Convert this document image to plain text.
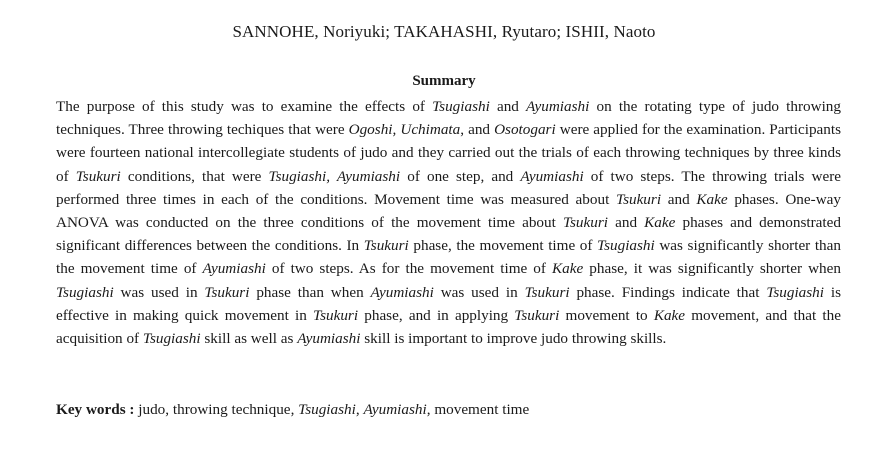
SANNOHE, Noriyuki; TAKAHASHI, Ryutaro; ISHII, Naoto
Summary
The purpose of this study was to examine the effects of Tsugiashi and Ayumiashi on the rotating type of judo throwing techniques. Three throwing techiques that were Ogoshi, Uchimata, and Osotogari were applied for the examination. Participants were fourteen national intercollegiate students of judo and they carried out the trials of each throwing techniques by three kinds of Tsukuri conditions, that were Tsugiashi, Ayumiashi of one step, and Ayumiashi of two steps. The throwing trials were performed three times in each of the conditions. Movement time was measured about Tsukuri and Kake phases. One-way ANOVA was conducted on the three conditions of the movement time about Tsukuri and Kake phases and demonstrated significant differences between the conditions. In Tsukuri phase, the movement time of Tsugiashi was significantly shorter than the movement time of Ayumiashi of two steps. As for the movement time of Kake phase, it was significantly shorter when Tsugiashi was used in Tsukuri phase than when Ayumiashi was used in Tsukuri phase. Findings indicate that Tsugiashi is effective in making quick movement in Tsukuri phase, and in applying Tsukuri movement to Kake movement, and that the acquisition of Tsugiashi skill as well as Ayumiashi skill is important to improve judo throwing skills.
Key words : judo, throwing technique, Tsugiashi, Ayumiashi, movement time
